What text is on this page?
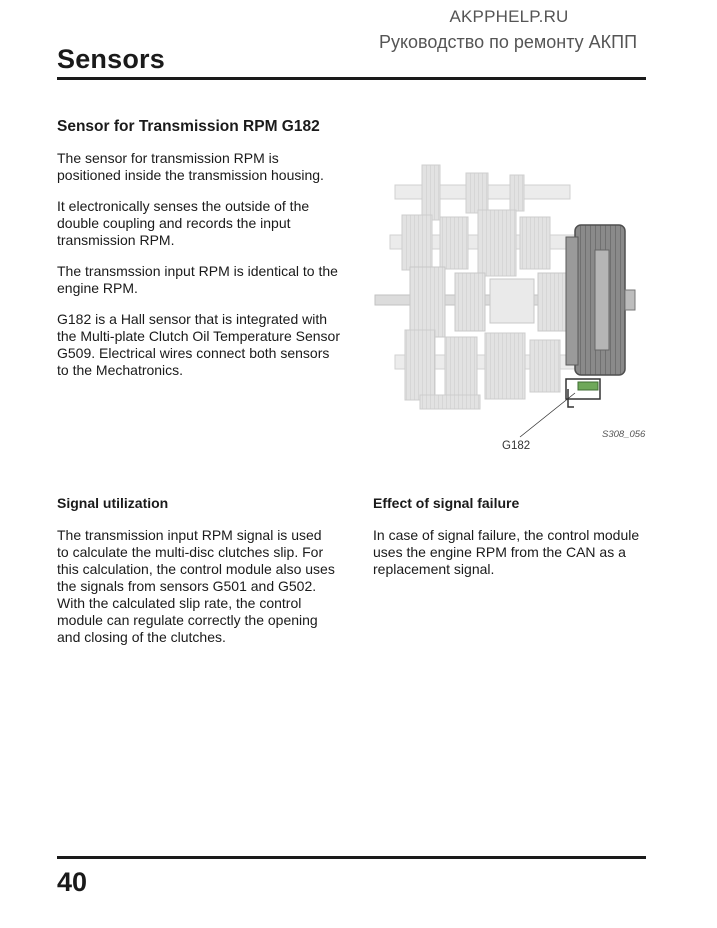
AKPPHELP.RU
Руководство по ремонту АКПП
Sensors
Sensor for Transmission RPM G182

The sensor for transmission RPM is positioned inside the transmission housing.

It electronically senses the outside of the double coupling and records the input transmission RPM.

The transmssion input RPM is identical to the engine RPM.

G182 is a Hall sensor that is integrated with the Multi-plate Clutch Oil Temperature Sensor G509. Electrical wires connect both sensors to the Mechatronics.

S308_056
G182
Signal utilization

The transmission input RPM signal is used to calculate the multi-disc clutches slip. For this calculation, the control module also uses the signals from sensors G501 and G502. With the calculated slip rate, the control module can regulate correctly the opening and closing of the clutches.

Effect of signal failure

In case of signal failure, the control module uses the engine RPM from the CAN as a replacement signal.

40
